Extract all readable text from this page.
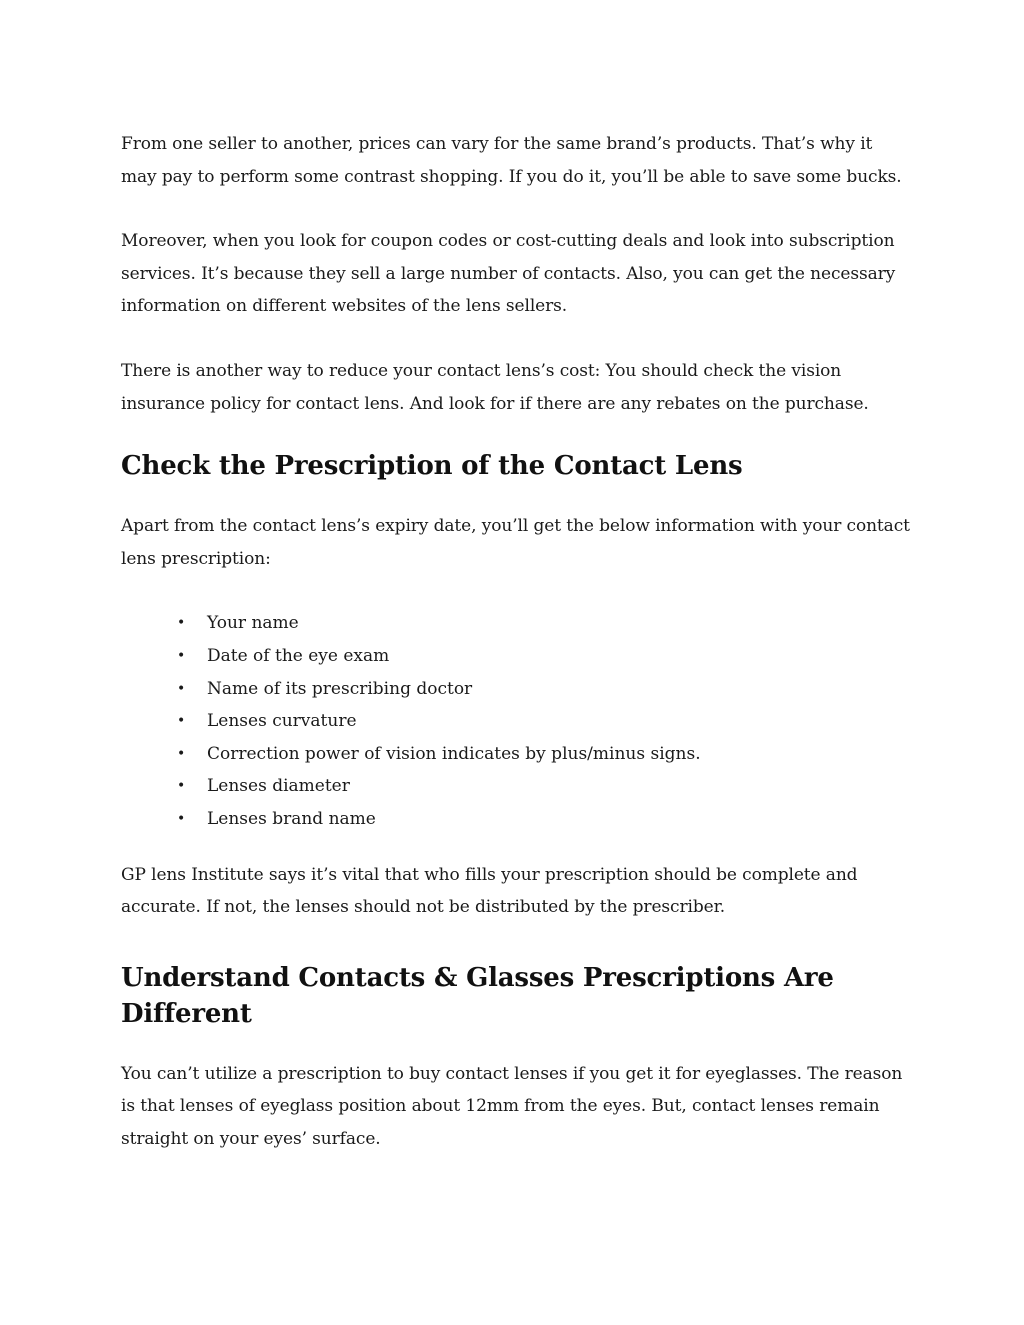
From one seller to another, prices can vary for the same brand’s products. That’s why it may pay to perform some contrast shopping. If you do it, you’ll be able to save some bucks.

Moreover, when you look for coupon codes or cost-cutting deals and look into subscription services. It’s because they sell a large number of contacts. Also, you can get the necessary information on different websites of the lens sellers.

There is another way to reduce your contact lens’s cost: You should check the vision insurance policy for contact lens. And look for if there are any rebates on the purchase.

Check the Prescription of the Contact Lens

Apart from the contact lens’s expiry date, you’ll get the below information with your contact lens prescription:

• Your name
• Date of the eye exam
• Name of its prescribing doctor
• Lenses curvature
• Correction power of vision indicates by plus/minus signs.
• Lenses diameter
• Lenses brand name

GP lens Institute says it’s vital that who fills your prescription should be complete and accurate. If not, the lenses should not be distributed by the prescriber.

Understand Contacts & Glasses Prescriptions Are Different

You can’t utilize a prescription to buy contact lenses if you get it for eyeglasses. The reason is that lenses of eyeglass position about 12mm from the eyes. But, contact lenses remain straight on your eyes’ surface.
